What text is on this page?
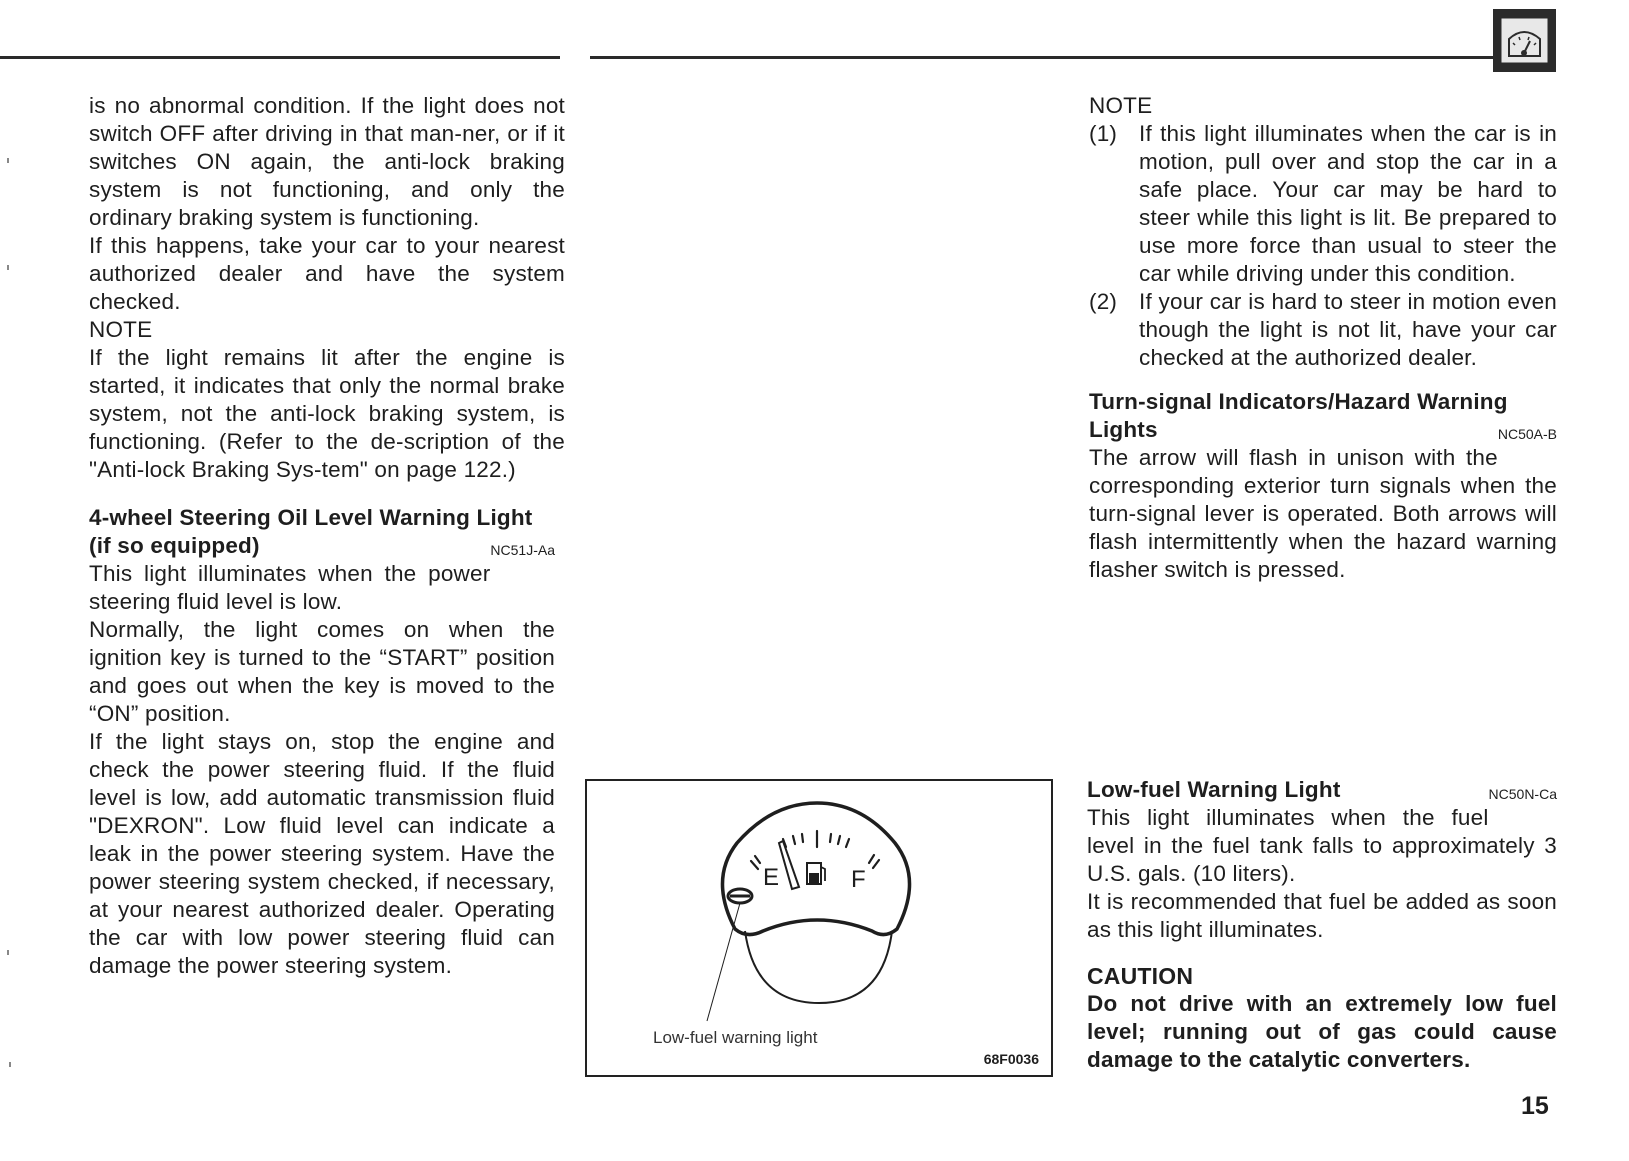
is no abnormal condition. If the light does not switch OFF after driving in that man-ner, or if it switches ON again, the anti-lock braking system is not functioning, and only the ordinary braking system is functioning.

If this happens, take your car to your nearest authorized dealer and have the system checked.

NOTE

If the light remains lit after the engine is started, it indicates that only the normal brake system, not the anti-lock braking system, is functioning. (Refer to the de-scription of the "Anti-lock Braking Sys-tem" on page 122.)

4-wheel Steering Oil Level Warning Light (if so equipped)	NC51J-Aa

This light illuminates when the power steering fluid level is low.

Normally, the light comes on when the ignition key is turned to the “START” position and goes out when the key is moved to the “ON” position.

If the light stays on, stop the engine and check the power steering fluid. If the fluid level is low, add automatic transmission fluid "DEXRON". Low fluid level can indicate a leak in the power steering system. Have the power steering system checked, if necessary, at your nearest authorized dealer. Operating the car with low power steering fluid can damage the power steering system.

NOTE

(1) If this light illuminates when the car is in motion, pull over and stop the car in a safe place. Your car may be hard to steer while this light is lit. Be prepared to use more force than usual to steer the car while driving under this condition.

(2) If your car is hard to steer in motion even though the light is not lit, have your car checked at the authorized dealer.

Turn-signal Indicators/Hazard Warning Lights	NC50A-B

The arrow will flash in unison with the corresponding exterior turn signals when the turn-signal lever is operated. Both arrows will flash intermittently when the hazard warning flasher switch is pressed.

Low-fuel Warning Light	NC50N-Ca

This light illuminates when the fuel level in the fuel tank falls to approximately 3 U.S. gals. (10 liters).

It is recommended that fuel be added as soon as this light illuminates.

CAUTION

Do not drive with an extremely low fuel level; running out of gas could cause damage to the catalytic converters.

E	F
Low-fuel warning light
68F0036
15
